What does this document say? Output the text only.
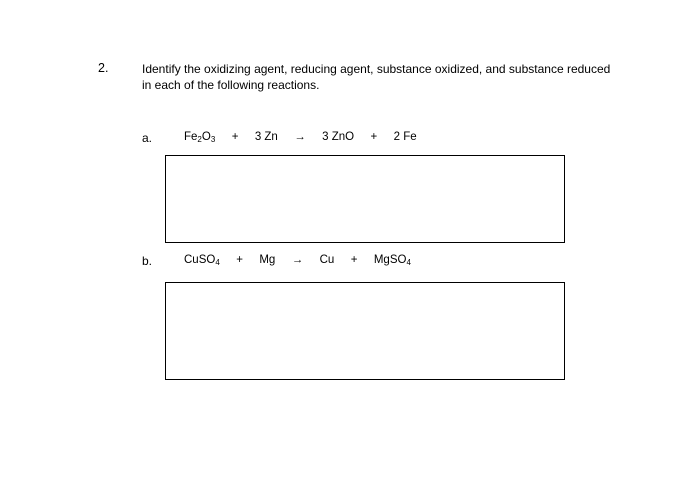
2.	Identify the oxidizing agent, reducing agent, substance oxidized, and substance reduced in each of the following reactions.
a.	$Fe_2O_3 + 3$ Zn → 3 ZnO + 2 Fe
b.	CuSO$_4$ + Mg → Cu + MgSO$_4$
